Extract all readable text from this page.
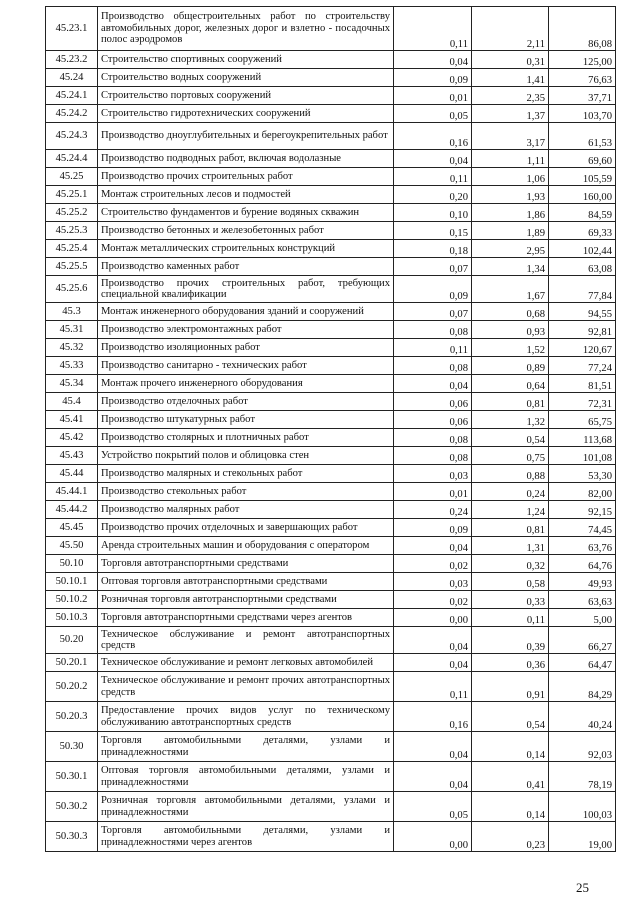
45.23.1	Производство общестроительных работ по строительству автомобильных дорог, железных дорог и взлетно - посадочных полос аэродромов	0,11	2,11	86,08
45.23.2	Строительство спортивных сооружений	0,04	0,31	125,00
45.24	Строительство водных сооружений	0,09	1,41	76,63
45.24.1	Строительство портовых сооружений	0,01	2,35	37,71
45.24.2	Строительство гидротехнических сооружений	0,05	1,37	103,70
45.24.3	Производство дноуглубительных и берегоукрепительных работ	0,16	3,17	61,53
45.24.4	Производство подводных работ, включая водолазные	0,04	1,11	69,60
45.25	Производство прочих строительных работ	0,11	1,06	105,59
45.25.1	Монтаж строительных лесов и подмостей	0,20	1,93	160,00
45.25.2	Строительство фундаментов и бурение водяных скважин	0,10	1,86	84,59
45.25.3	Производство бетонных и железобетонных работ	0,15	1,89	69,33
45.25.4	Монтаж металлических строительных конструкций	0,18	2,95	102,44
45.25.5	Производство каменных работ	0,07	1,34	63,08
45.25.6	Производство прочих строительных работ, требующих специальной квалификации	0,09	1,67	77,84
45.3	Монтаж инженерного оборудования зданий и сооружений	0,07	0,68	94,55
45.31	Производство электромонтажных работ	0,08	0,93	92,81
45.32	Производство изоляционных работ	0,11	1,52	120,67
45.33	Производство санитарно - технических работ	0,08	0,89	77,24
45.34	Монтаж прочего инженерного оборудования	0,04	0,64	81,51
45.4	Производство отделочных работ	0,06	0,81	72,31
45.41	Производство штукатурных работ	0,06	1,32	65,75
45.42	Производство столярных и плотничных работ	0,08	0,54	113,68
45.43	Устройство покрытий полов и облицовка стен	0,08	0,75	101,08
45.44	Производство малярных и стекольных работ	0,03	0,88	53,30
45.44.1	Производство стекольных работ	0,01	0,24	82,00
45.44.2	Производство малярных работ	0,24	1,24	92,15
45.45	Производство прочих отделочных и завершающих работ	0,09	0,81	74,45
45.50	Аренда строительных машин и оборудования с оператором	0,04	1,31	63,76
50.10	Торговля автотранспортными средствами	0,02	0,32	64,76
50.10.1	Оптовая торговля автотранспортными средствами	0,03	0,58	49,93
50.10.2	Розничная торговля автотранспортными средствами	0,02	0,33	63,63
50.10.3	Торговля автотранспортными средствами через агентов	0,00	0,11	5,00
50.20	Техническое обслуживание и ремонт автотранспортных средств	0,04	0,39	66,27
50.20.1	Техническое обслуживание и ремонт легковых автомобилей	0,04	0,36	64,47
50.20.2	Техническое обслуживание и ремонт прочих автотранспортных средств	0,11	0,91	84,29
50.20.3	Предоставление прочих видов услуг по техническому обслуживанию автотранспортных средств	0,16	0,54	40,24
50.30	Торговля автомобильными деталями, узлами и принадлежностями	0,04	0,14	92,03
50.30.1	Оптовая торговля автомобильными деталями, узлами и принадлежностями	0,04	0,41	78,19
50.30.2	Розничная торговля автомобильными деталями, узлами и принадлежностями	0,05	0,14	100,03
50.30.3	Торговля автомобильными деталями, узлами и принадлежностями через агентов	0,00	0,23	19,00
25
